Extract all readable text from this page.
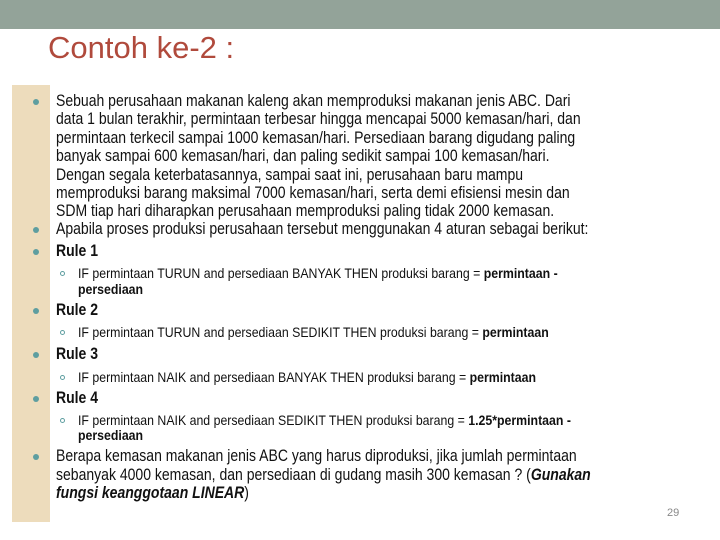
Contoh ke-2 :
Sebuah perusahaan makanan kaleng akan memproduksi makanan jenis ABC. Dari
data 1 bulan terakhir, permintaan terbesar hingga mencapai 5000 kemasan/hari, dan
permintaan terkecil sampai 1000 kemasan/hari. Persediaan barang digudang paling
banyak sampai 600 kemasan/hari, dan paling sedikit sampai 100 kemasan/hari.
Dengan segala keterbatasannya, sampai saat ini, perusahaan baru mampu
memproduksi barang maksimal 7000 kemasan/hari, serta demi efisiensi mesin dan
SDM tiap hari diharapkan perusahaan memproduksi paling tidak 2000 kemasan.
Apabila proses produksi perusahaan tersebut menggunakan 4 aturan sebagai berikut:
Rule 1
IF permintaan TURUN and persediaan BANYAK THEN produksi barang = permintaan -
persediaan
Rule 2
IF permintaan TURUN and persediaan SEDIKIT THEN produksi barang = permintaan
Rule 3
IF permintaan NAIK and persediaan BANYAK THEN produksi barang = permintaan
Rule 4
IF permintaan NAIK and persediaan SEDIKIT THEN produksi barang = 1.25*permintaan -
persediaan
Berapa kemasan makanan jenis ABC yang harus diproduksi, jika jumlah permintaan
sebanyak 4000 kemasan, dan persediaan di gudang masih 300 kemasan ? (Gunakan
fungsi keanggotaan LINEAR)
29
